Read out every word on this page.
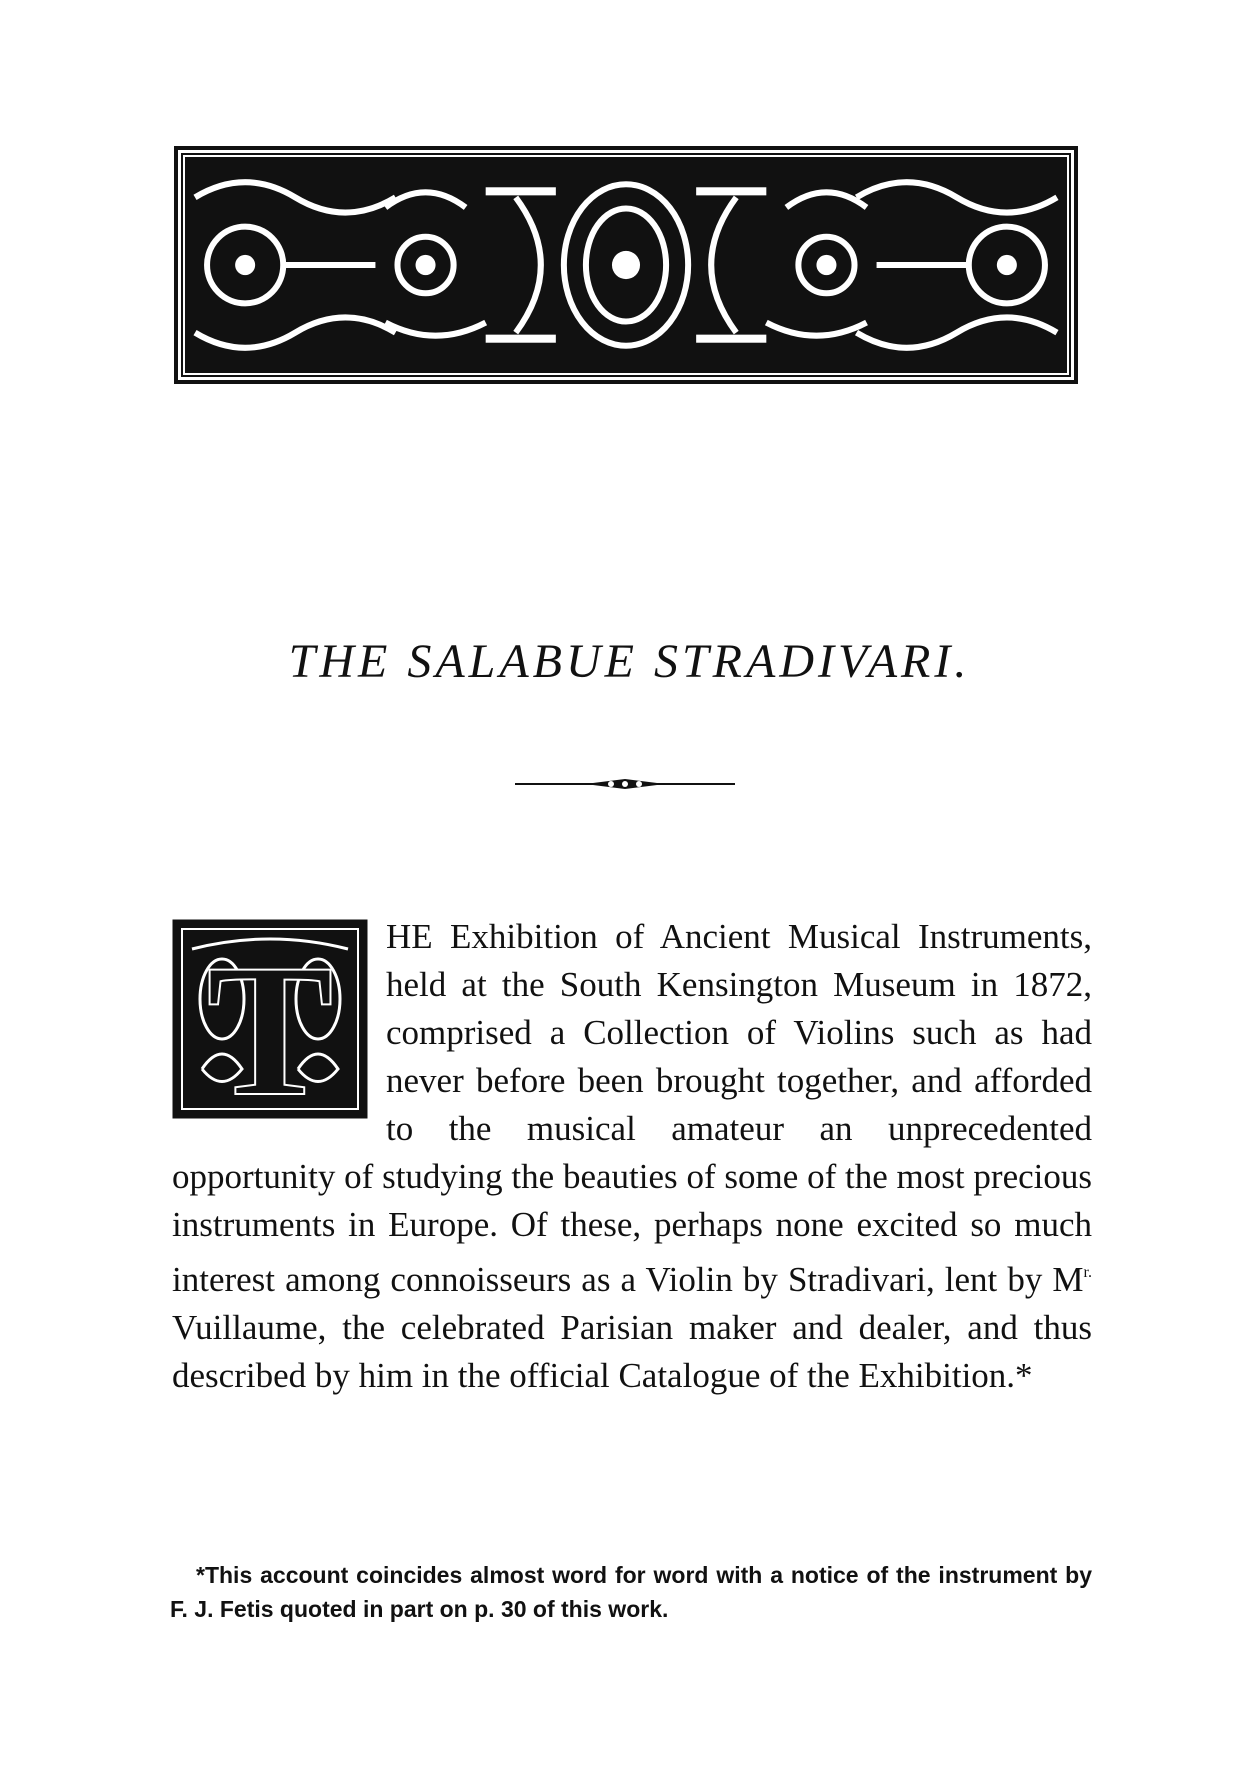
THE SALABUE STRADIVARI.

T HE Exhibition of Ancient Musical Instruments, held at the South Kensington Museum in 1872, comprised a Collection of Violins such as had never before been brought together, and afforded to the musical amateur an unprecedented opportunity of studying the beauties of some of the most precious instruments in Europe. Of these, perhaps none excited so much interest among connoisseurs as a Violin by Stradivari, lent by $M^{r.}$ Vuillaume, the celebrated Parisian maker and dealer, and thus described by him in the official Catalogue of the Exhibition.*

*This account coincides almost word for word with a notice of the instrument by F. J. Fetis quoted in part on p. 30 of this work.
